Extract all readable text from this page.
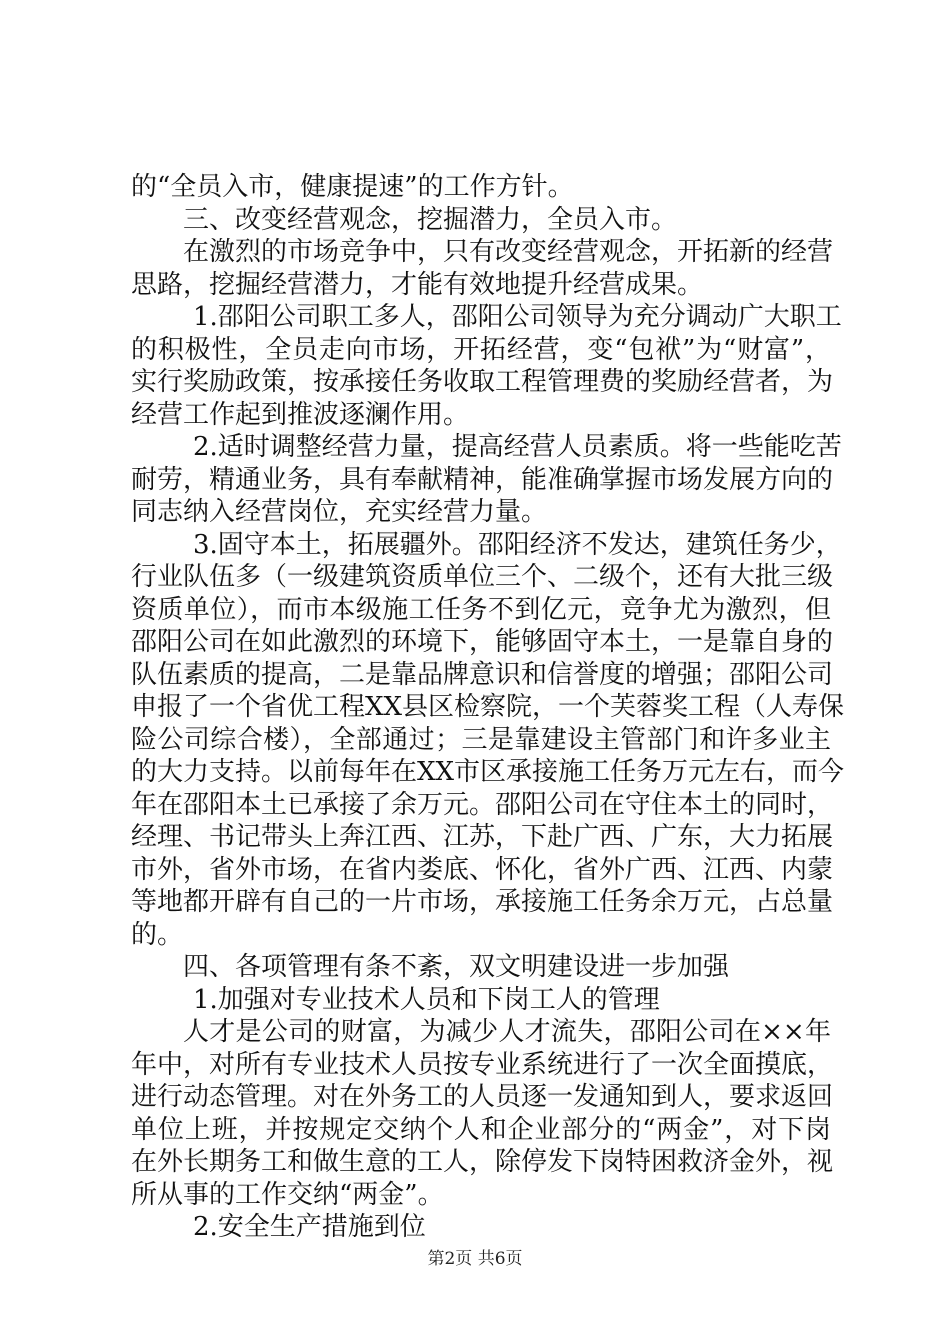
的“全员入市，健康提速”的工作方针。
三、改变经营观念，挖掘潜力，全员入市。
在激烈的市场竞争中，只有改变经营观念，开拓新的经营
思路，挖掘经营潜力，才能有效地提升经营成果。
1.邵阳公司职工多人，邵阳公司领导为充分调动广大职工
的积极性，全员走向市场，开拓经营，变“包袱”为“财富”，
实行奖励政策，按承接任务收取工程管理费的奖励经营者，为
经营工作起到推波逐澜作用。
2.适时调整经营力量，提高经营人员素质。将一些能吃苦
耐劳，精通业务，具有奉献精神，能准确掌握市场发展方向的
同志纳入经营岗位，充实经营力量。
3.固守本土，拓展疆外。邵阳经济不发达，建筑任务少，
行业队伍多（一级建筑资质单位三个、二级个，还有大批三级
资质单位），而市本级施工任务不到亿元，竞争尤为激烈，但
邵阳公司在如此激烈的环境下，能够固守本土，一是靠自身的
队伍素质的提高，二是靠品牌意识和信誉度的增强；邵阳公司
申报了一个省优工程XX县区检察院，一个芙蓉奖工程（人寿保
险公司综合楼），全部通过；三是靠建设主管部门和许多业主
的大力支持。以前每年在XX市区承接施工任务万元左右，而今
年在邵阳本土已承接了余万元。邵阳公司在守住本土的同时，
经理、书记带头上奔江西、江苏，下赴广西、广东，大力拓展
市外，省外市场，在省内娄底、怀化，省外广西、江西、内蒙
等地都开辟有自己的一片市场，承接施工任务余万元，占总量
的。
四、各项管理有条不紊，双文明建设进一步加强
1.加强对专业技术人员和下岗工人的管理
人才是公司的财富，为减少人才流失，邵阳公司在××年
年中，对所有专业技术人员按专业系统进行了一次全面摸底，
进行动态管理。对在外务工的人员逐一发通知到人，要求返回
单位上班，并按规定交纳个人和企业部分的“两金”，对下岗
在外长期务工和做生意的工人，除停发下岗特困救济金外，视
所从事的工作交纳“两金”。
2.安全生产措施到位
第2页 共6页
